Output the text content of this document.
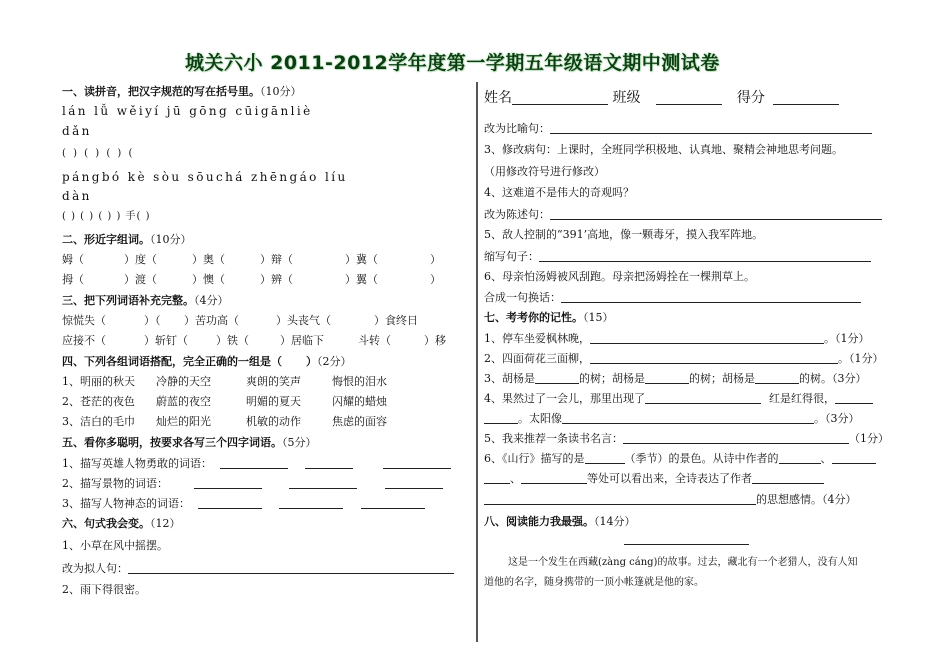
城关六小 2011-2012学年度第一学期五年级语文期中测试卷
一、读拼音，把汉字规范的写在括号里。（10分）
lán lǚ wěiyí jū gōng cūigānliè
dǎn
( ) ( ) ( ) (
pángbó kè sòu sōuchá zhēngáo líu
dàn
( ) ( ) ( ) ) 手( )
二、形近字组词。（10分）
姆（	）度（	）奥（	）辩（	）冀（	）
拇（	）渡（	）懊（	）辨（	）翼（	）
三、把下列词语补充完整。（4分）
惊慌失（	）（ ）苦功高（	）头丧气（	）食终日
应接不（	）斩钉（	）铁（	）居临下	斗转（	）移
四、下列各组词语搭配，完全正确的一组是（ ）（2分）
1、明丽的秋天 冷静的天空	爽朗的笑声	悔恨的泪水
2、苍茫的夜色 蔚蓝的夜空	明媚的夏天	闪耀的蜡烛
3、洁白的毛巾 灿烂的阳光	机敏的动作	焦虑的面容
五、看你多聪明，按要求各写三个四字词语。（5分）
1、描写英雄人物勇敢的词语：
2、描写景物的词语：
3、描写人物神态的词语：
六、句式我会变。（12）
1、小草在风中摇摆。
改为拟人句：
2、雨下得很密。
姓名	班级	得分
改为比喻句：
3、修改病句：上课时，全班同学积极地、认真地、聚精会神地思考问题。
（用修改符号进行修改）
4、这难道不是伟大的奇观吗？
改为陈述句：
5、敌人控制的“391’高地，像一颗毒牙，摸入我军阵地。
缩写句子：
6、母亲怕汤姆被风刮跑。母亲把汤姆拴在一棵荆草上。
合成一句换话：
七、考考你的记性。（15）
1、停车坐爱枫林晚，	。（1分）
2、四面荷花三面柳，	。（1分）
3、胡杨是	的树；胡杨是	的树；胡杨是	的树。（3分）
4、果然过了一会儿，那里出现了	红是红得很，
。太阳像	。（3分）
5、我来推荐一条读书名言：	（1分）
6、《山行》描写的是	（季节）的景色。从诗中作者的	、
、	等处可以看出来，全诗表达了作者
的思想感情。（4分）
八、阅读能力我最强。（14分）
这是一个发生在西藏(zàng cáng)的故事。过去，藏北有一个老猎人，没有人知
道他的名字，随身携带的一顶小帐篷就是他的家。
